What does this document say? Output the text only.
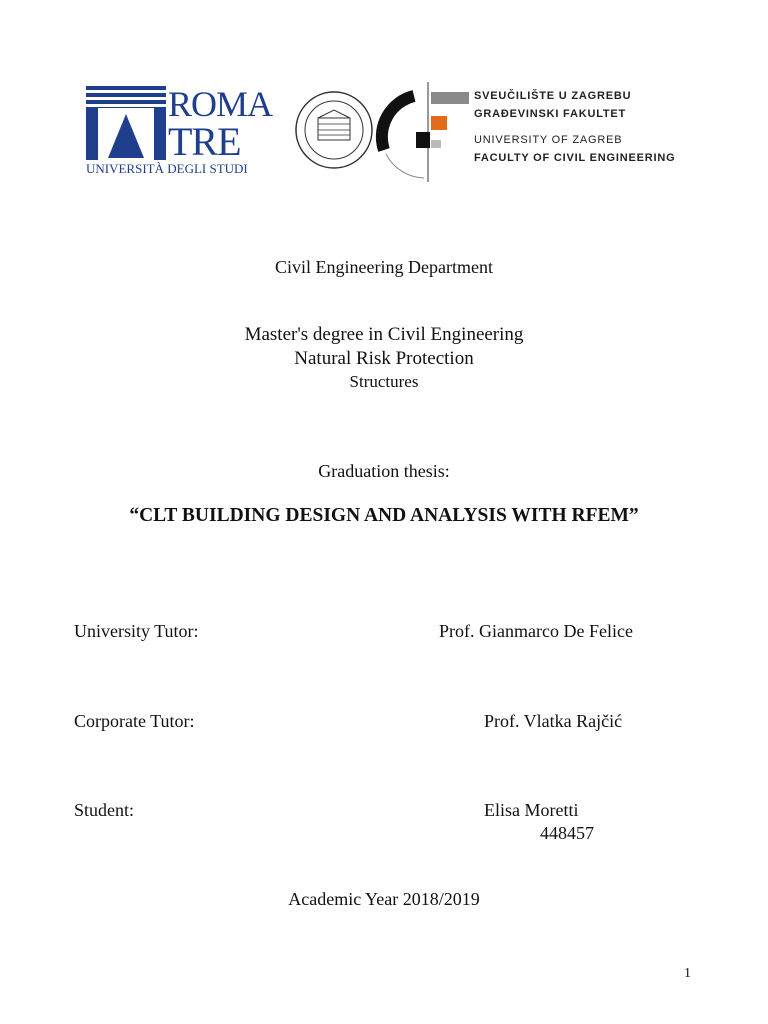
ROMA
TRE
UNIVERSITÀ DEGLI STUDI
SVEUČILIŠTE U ZAGREBU
GRAĐEVINSKI FAKULTET
UNIVERSITY OF ZAGREB
FACULTY OF CIVIL ENGINEERING
Civil Engineering Department
Master's degree in Civil Engineering
Natural Risk Protection
Structures
Graduation thesis:
“CLT BUILDING DESIGN AND ANALYSIS WITH RFEM”
University Tutor:	Prof. Gianmarco De Felice
Corporate Tutor:	Prof. Vlatka Rajčić
Student:	Elisa Moretti
448457
Academic Year 2018/2019
1
